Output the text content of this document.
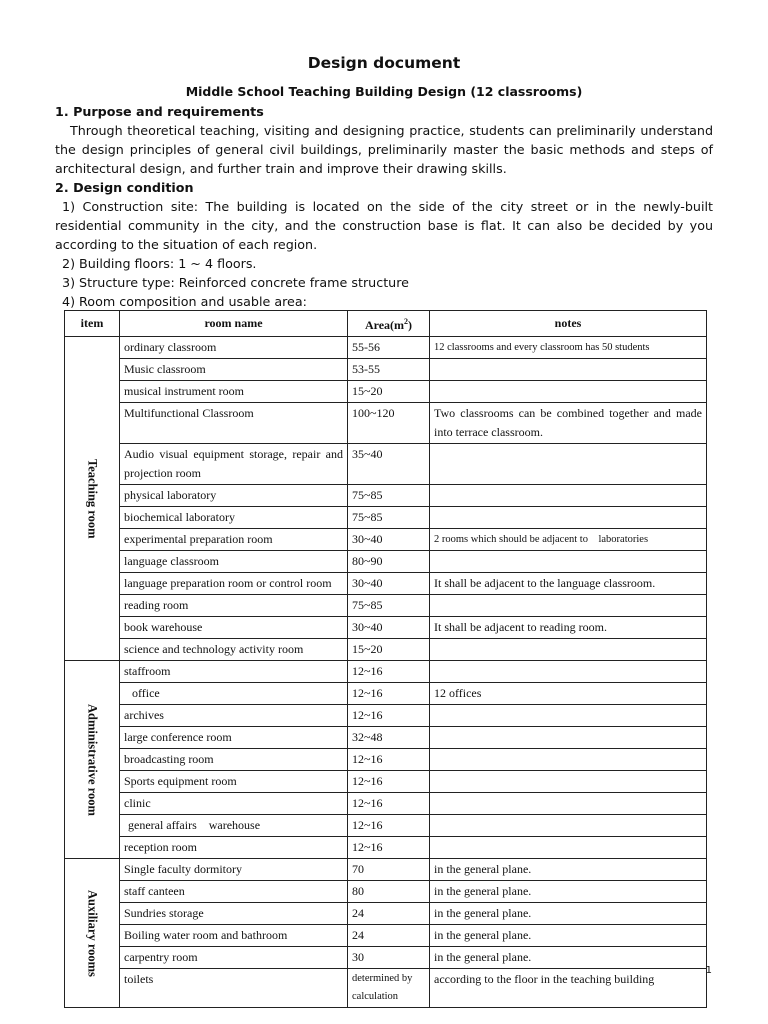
Design document
Middle School Teaching Building Design (12 classrooms)
1. Purpose and requirements
Through theoretical teaching, visiting and designing practice, students can preliminarily understand the design principles of general civil buildings, preliminarily master the basic methods and steps of architectural design, and further train and improve their drawing skills.
2. Design condition
1) Construction site: The building is located on the side of the city street or in the newly-built residential community in the city, and the construction base is flat. It can also be decided by you according to the situation of each region.
2) Building floors: 1 ~ 4 floors.
3) Structure type: Reinforced concrete frame structure
4) Room composition and usable area:
item	room name	$Area(m^2)$	notes

Teaching room	ordinary classroom	55-56	12 classrooms and every classroom has 50 students
	Music classroom	53-55	
	musical instrument room	15~20	
	Multifunctional Classroom	100~120	Two classrooms can be combined together and made into terrace classroom.
	Audio visual equipment storage, repair and projection room	35~40	
	physical laboratory	75~85	
	biochemical laboratory	75~85	
	experimental preparation room	30~40	2 rooms which should be adjacent to    laboratories
	language classroom	80~90	
	language preparation room or control room	30~40	It shall be adjacent to the language classroom.
	reading room	75~85	
	book warehouse	30~40	It shall be adjacent to reading room.
	science and technology activity room	15~20	

Administrative room	staffroom	12~16	
	office	12~16	12 offices
	archives	12~16	
	large conference room	32~48	
	broadcasting room	12~16	
	Sports equipment room	12~16	
	clinic	12~16	
	general affairs    warehouse	12~16	
	reception room	12~16	

Auxiliary rooms	Single faculty dormitory	70	in the general plane.
	staff canteen	80	in the general plane.
	Sundries storage	24	in the general plane.
	Boiling water room and bathroom	24	in the general plane.
	carpentry room	30	in the general plane.
	toilets	determined by calculation	according to the floor in the teaching building
1
